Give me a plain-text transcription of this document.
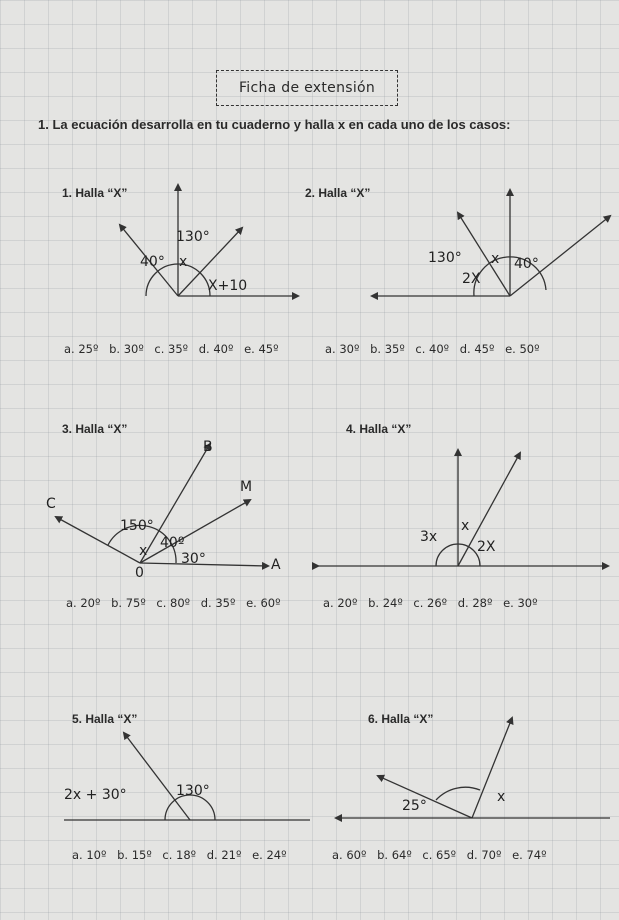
Ficha de extensión
1. La ecuación desarrolla en tu cuaderno y halla x en cada uno de los casos:
1. Halla “X”	2. Halla “X”
3. Halla “X”	4. Halla “X”
5. Halla “X”	6. Halla “X”
130°
40° x
X+10
130° x 40°
2X
B
M
C
150°
40º
x 30°
0	A
3x
x
2X
2x + 30°	130°
25°
x
a. 25º b. 30º c. 35º d. 40º e. 45º	a. 30º b. 35º c. 40º d. 45º e. 50º
a. 20º b. 75º c. 80º d. 35º e. 60º	a. 20º b. 24º c. 26º d. 28º e. 30º
a. 10º b. 15º c. 18º d. 21º e. 24º	a. 60º b. 64º c. 65º d. 70º e. 74º
